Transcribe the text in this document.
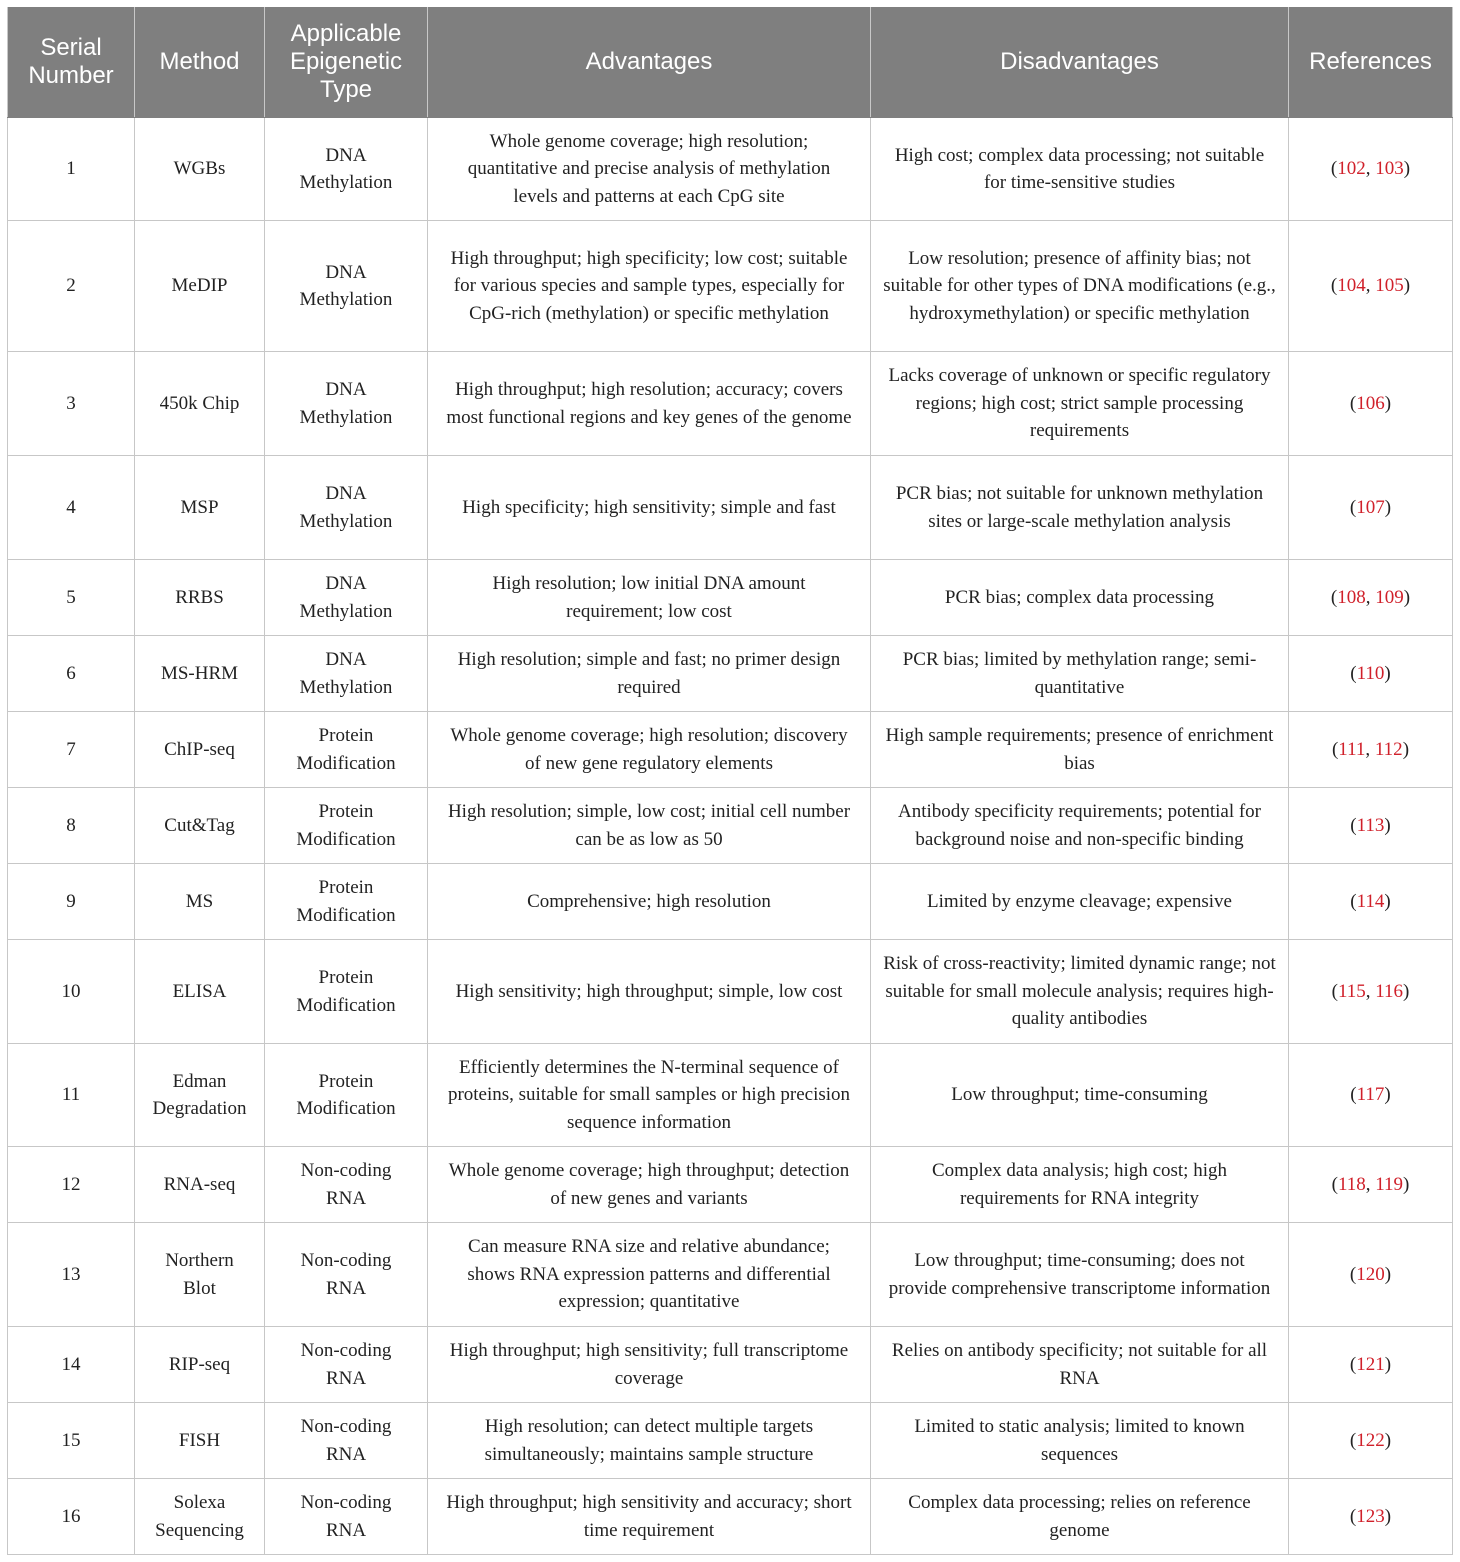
Serial Number	Method	Applicable Epigenetic Type	Advantages	Disadvantages	References
1	WGBs	DNA Methylation	Whole genome coverage; high resolution; quantitative and precise analysis of methylation levels and patterns at each CpG site	High cost; complex data processing; not suitable for time-sensitive studies	(102, 103)
2	MeDIP	DNA Methylation	High throughput; high specificity; low cost; suitable for various species and sample types, especially for CpG-rich (methylation) or specific methylation	Low resolution; presence of affinity bias; not suitable for other types of DNA modifications (e.g., hydroxymethylation) or specific methylation	(104, 105)
3	450k Chip	DNA Methylation	High throughput; high resolution; accuracy; covers most functional regions and key genes of the genome	Lacks coverage of unknown or specific regulatory regions; high cost; strict sample processing requirements	(106)
4	MSP	DNA Methylation	High specificity; high sensitivity; simple and fast	PCR bias; not suitable for unknown methylation sites or large-scale methylation analysis	(107)
5	RRBS	DNA Methylation	High resolution; low initial DNA amount requirement; low cost	PCR bias; complex data processing	(108, 109)
6	MS-HRM	DNA Methylation	High resolution; simple and fast; no primer design required	PCR bias; limited by methylation range; semi-quantitative	(110)
7	ChIP-seq	Protein Modification	Whole genome coverage; high resolution; discovery of new gene regulatory elements	High sample requirements; presence of enrichment bias	(111, 112)
8	Cut&Tag	Protein Modification	High resolution; simple, low cost; initial cell number can be as low as 50	Antibody specificity requirements; potential for background noise and non-specific binding	(113)
9	MS	Protein Modification	Comprehensive; high resolution	Limited by enzyme cleavage; expensive	(114)
10	ELISA	Protein Modification	High sensitivity; high throughput; simple, low cost	Risk of cross-reactivity; limited dynamic range; not suitable for small molecule analysis; requires high-quality antibodies	(115, 116)
11	Edman Degradation	Protein Modification	Efficiently determines the N-terminal sequence of proteins, suitable for small samples or high precision sequence information	Low throughput; time-consuming	(117)
12	RNA-seq	Non-coding RNA	Whole genome coverage; high throughput; detection of new genes and variants	Complex data analysis; high cost; high requirements for RNA integrity	(118, 119)
13	Northern Blot	Non-coding RNA	Can measure RNA size and relative abundance; shows RNA expression patterns and differential expression; quantitative	Low throughput; time-consuming; does not provide comprehensive transcriptome information	(120)
14	RIP-seq	Non-coding RNA	High throughput; high sensitivity; full transcriptome coverage	Relies on antibody specificity; not suitable for all RNA	(121)
15	FISH	Non-coding RNA	High resolution; can detect multiple targets simultaneously; maintains sample structure	Limited to static analysis; limited to known sequences	(122)
16	Solexa Sequencing	Non-coding RNA	High throughput; high sensitivity and accuracy; short time requirement	Complex data processing; relies on reference genome	(123)
